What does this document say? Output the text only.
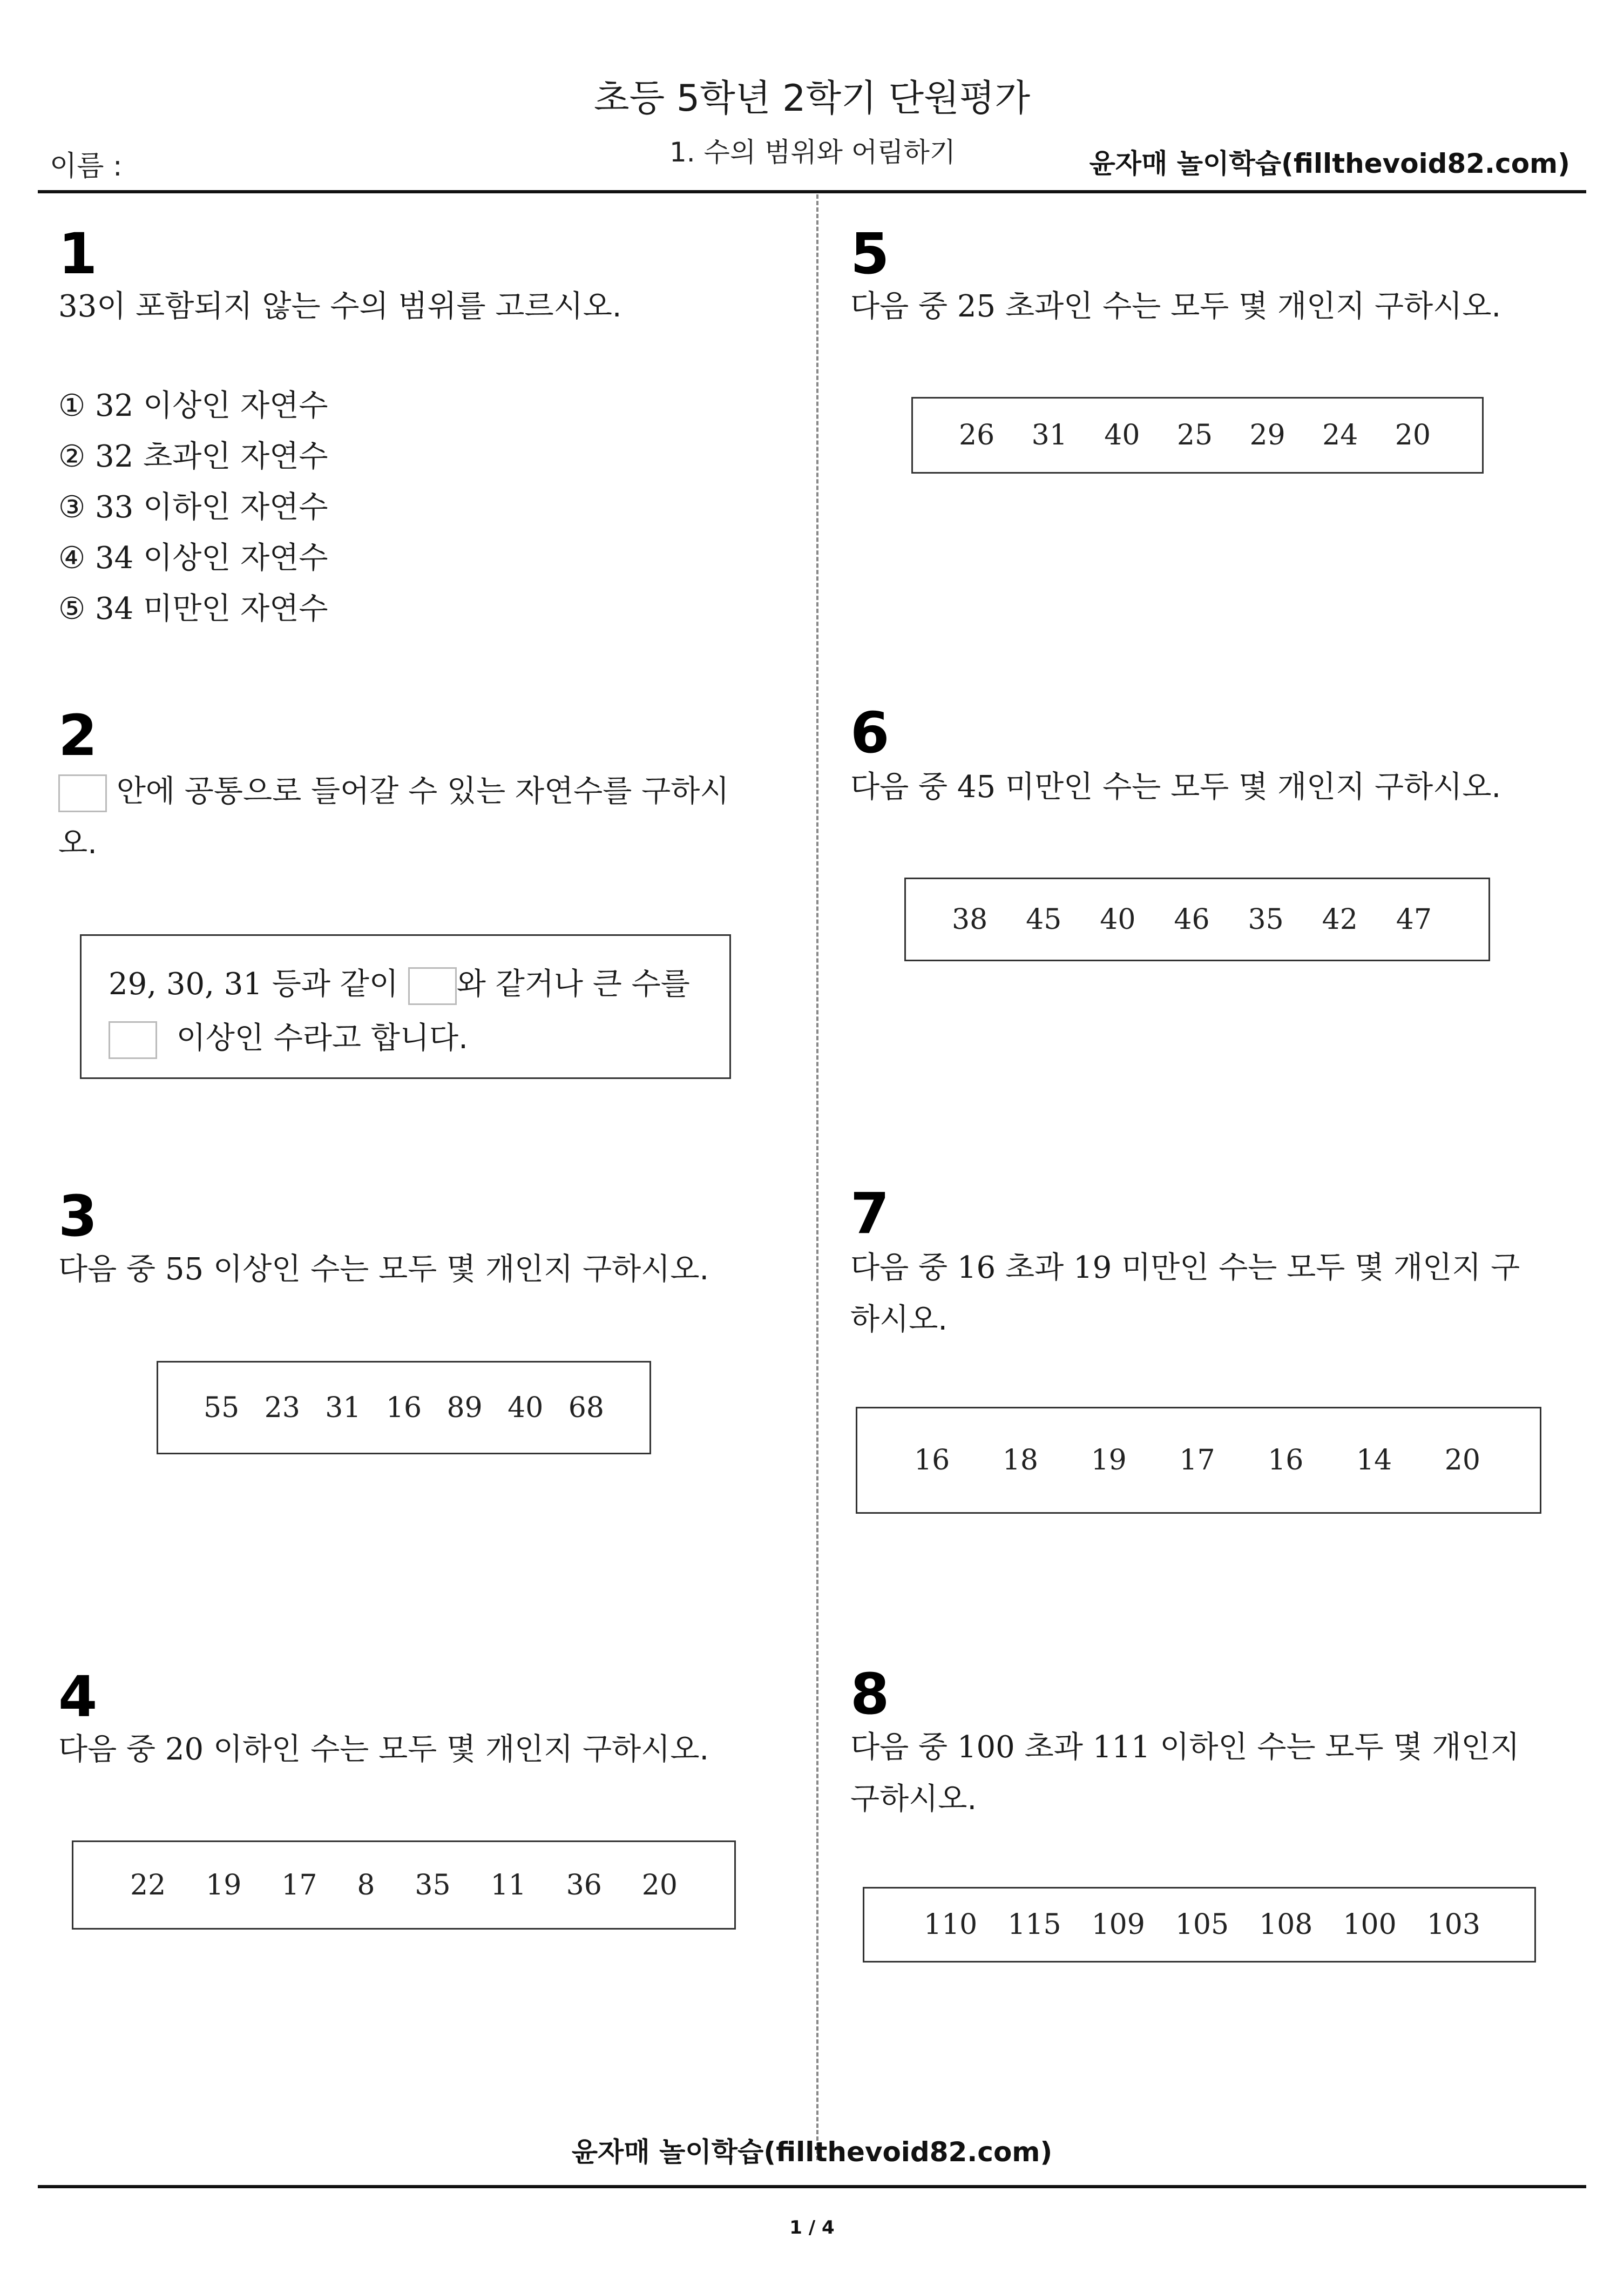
초등 5학년 2학기 단원평가
1. 수의 범위와 어림하기
이름 :	윤자매 놀이학습(fillthevoid82.com)
1
33이 포함되지 않는 수의 범위를 고르시오.
① 32 이상인 자연수
② 32 초과인 자연수
③ 33 이하인 자연수
④ 34 이상인 자연수
⑤ 34 미만인 자연수
2
안에 공통으로 들어갈 수 있는 자연수를 구하시
오.
29, 30, 31 등과 같이 와 같거나 큰 수를
이상인 수라고 합니다.
3
다음 중 55 이상인 수는 모두 몇 개인지 구하시오.
55 23 31 16 89 40 68
4
다음 중 20 이하인 수는 모두 몇 개인지 구하시오.
22 19 17 8 35 11 36 20
5
다음 중 25 초과인 수는 모두 몇 개인지 구하시오.
26 31 40 25 29 24 20
6
다음 중 45 미만인 수는 모두 몇 개인지 구하시오.
38 45 40 46 35 42 47
7
다음 중 16 초과 19 미만인 수는 모두 몇 개인지 구
하시오.
16 18 19 17 16 14 20
8
다음 중 100 초과 111 이하인 수는 모두 몇 개인지
구하시오.
110 115 109 105 108 100 103
윤자매 놀이학습(fillthevoid82.com)
1 / 4
